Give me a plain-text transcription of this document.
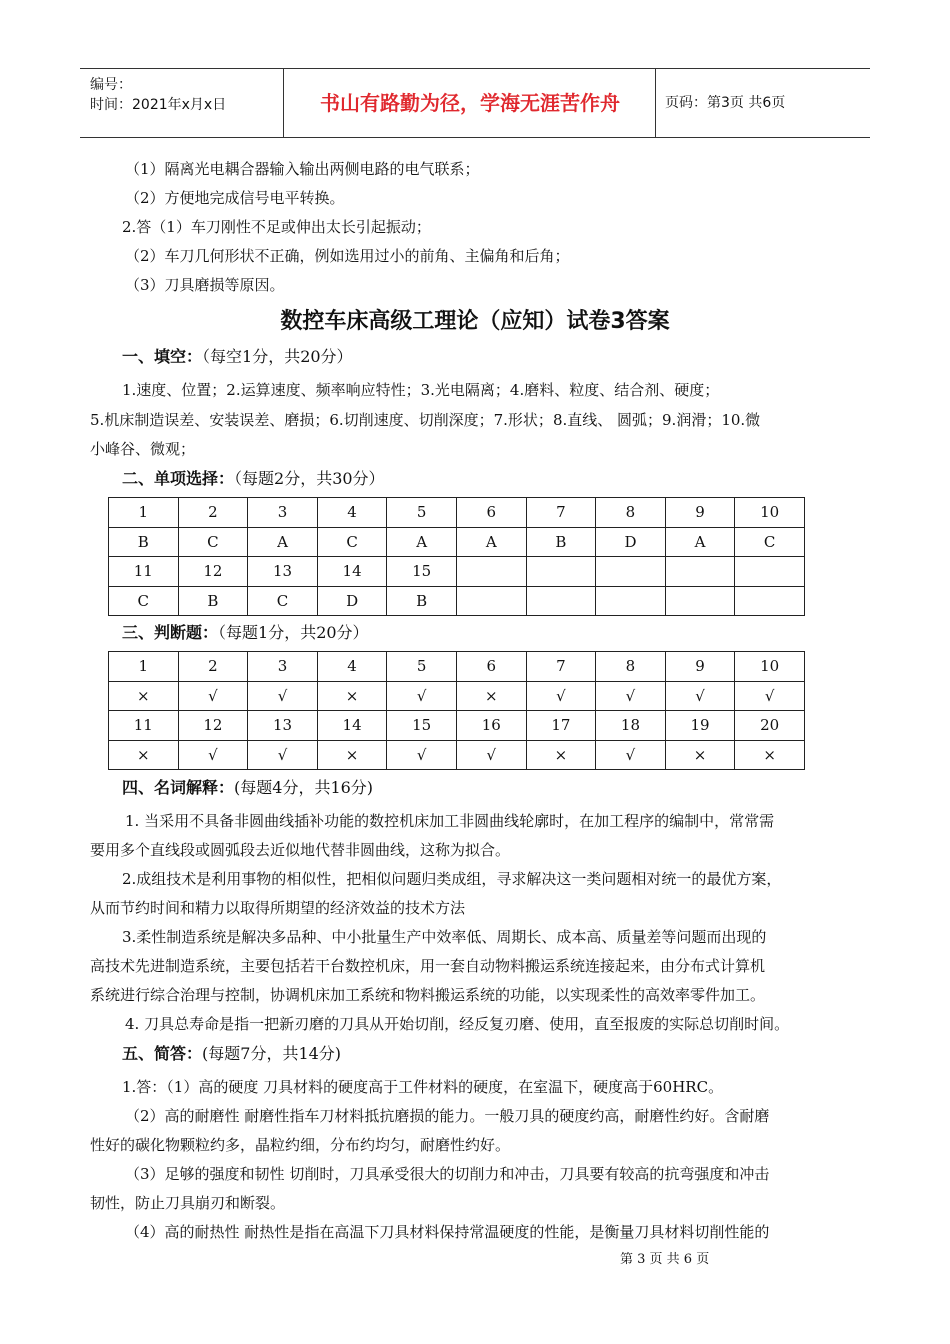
编号：
时间：2021年x月x日	书山有路勤为径，学海无涯苦作舟	页码：第3页 共6页
（1）隔离光电耦合器输入输出两侧电路的电气联系；
（2）方便地完成信号电平转换。
2.答（1）车刀刚性不足或伸出太长引起振动；
（2）车刀几何形状不正确，例如选用过小的前角、主偏角和后角；
（3）刀具磨损等原因。
数控车床高级工理论（应知）试卷3答案
一、填空：（每空1分，共20分）
1.速度、位置；2.运算速度、频率响应特性；3.光电隔离；4.磨料、粒度、结合剂、硬度；
5.机床制造误差、安装误差、磨损；6.切削速度、切削深度；7.形状；8.直线、 圆弧；9.润滑；10.微
小峰谷、微观；
二、单项选择：（每题2分，共30分）
1	2	3	4	5	6	7	8	9	10
B	C	A	C	A	A	B	D	A	C
11	12	13	14	15					
C	B	C	D	B					
三、判断题：（每题1分，共20分）
1	2	3	4	5	6	7	8	9	10
×	√	√	×	√	×	√	√	√	√
11	12	13	14	15	16	17	18	19	20
×	√	√	×	√	√	×	√	×	×
四、名词解释：(每题4分，共16分)
1. 当采用不具备非圆曲线插补功能的数控机床加工非圆曲线轮廓时，在加工程序的编制中，常常需
要用多个直线段或圆弧段去近似地代替非圆曲线，这称为拟合。
2.成组技术是利用事物的相似性，把相似问题归类成组，寻求解决这一类问题相对统一的最优方案，
从而节约时间和精力以取得所期望的经济效益的技术方法
3.柔性制造系统是解决多品种、中小批量生产中效率低、周期长、成本高、质量差等问题而出现的
高技术先进制造系统，主要包括若干台数控机床，用一套自动物料搬运系统连接起来，由分布式计算机
系统进行综合治理与控制，协调机床加工系统和物料搬运系统的功能，以实现柔性的高效率零件加工。
4. 刀具总寿命是指一把新刃磨的刀具从开始切削，经反复刃磨、使用，直至报废的实际总切削时间。
五、简答：(每题7分，共14分)
1.答：（1）高的硬度 刀具材料的硬度高于工件材料的硬度，在室温下，硬度高于60HRC。
（2）高的耐磨性 耐磨性指车刀材料抵抗磨损的能力。一般刀具的硬度约高，耐磨性约好。含耐磨
性好的碳化物颗粒约多，晶粒约细，分布约均匀，耐磨性约好。
（3）足够的强度和韧性 切削时，刀具承受很大的切削力和冲击，刀具要有较高的抗弯强度和冲击
韧性，防止刀具崩刃和断裂。
（4）高的耐热性 耐热性是指在高温下刀具材料保持常温硬度的性能，是衡量刀具材料切削性能的
第 3 页 共 6 页
